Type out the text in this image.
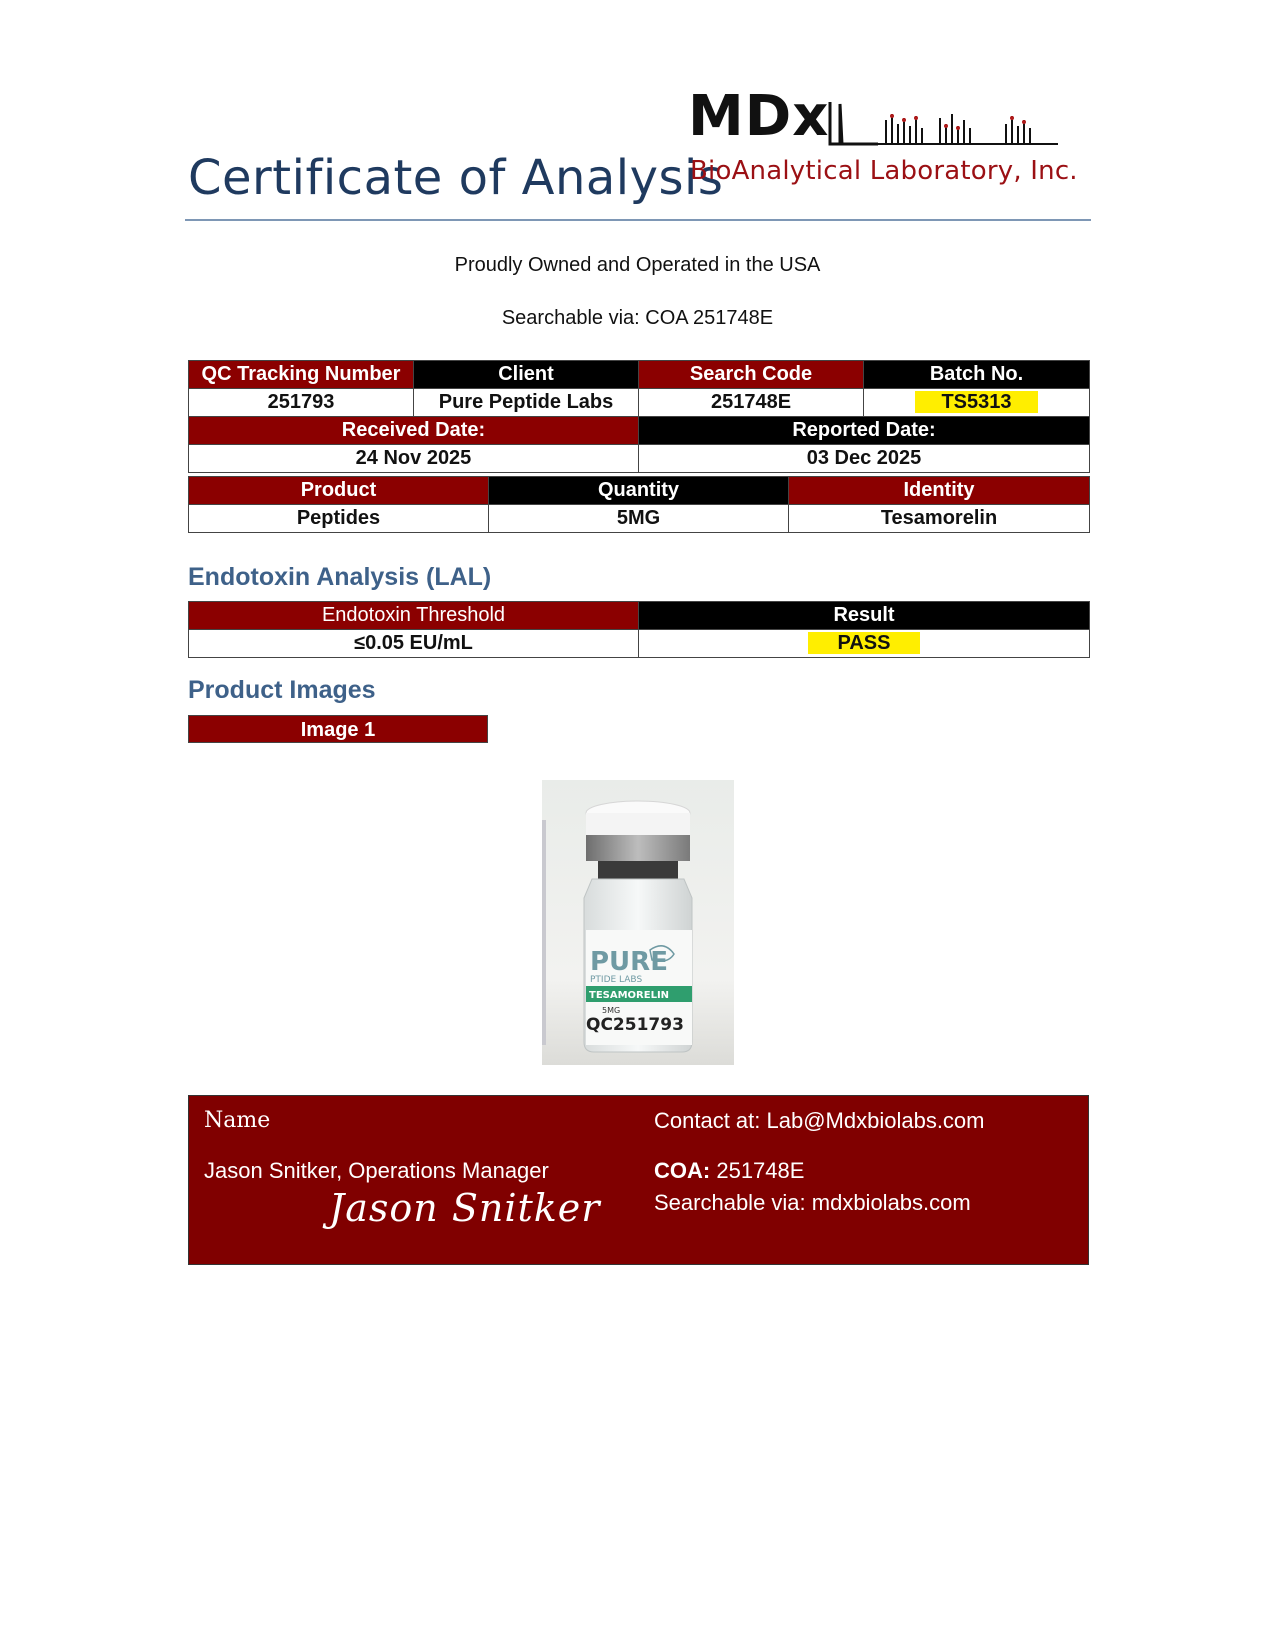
Certificate of Analysis
MDx
BioAnalytical Laboratory, Inc.
Proudly Owned and Operated in the USA
Searchable via: COA 251748E
QC Tracking Number	Client	Search Code	Batch No.
251793	Pure Peptide Labs	251748E	TS5313
Received Date:		Reported Date:	
24 Nov 2025		03 Dec 2025	
Product	Quantity	Identity
Peptides	5MG	Tesamorelin
Endotoxin Analysis (LAL)
Endotoxin Threshold	Result
≤0.05 EU/mL	PASS
Product Images
Image 1
PURE
PTIDE LABS
TESAMORELIN
5MG
QC251793
Name
Jason Snitker, Operations Manager
Jason Snitker
Contact at: Lab@Mdxbiolabs.com
COA: 251748E
Searchable via: mdxbiolabs.com
